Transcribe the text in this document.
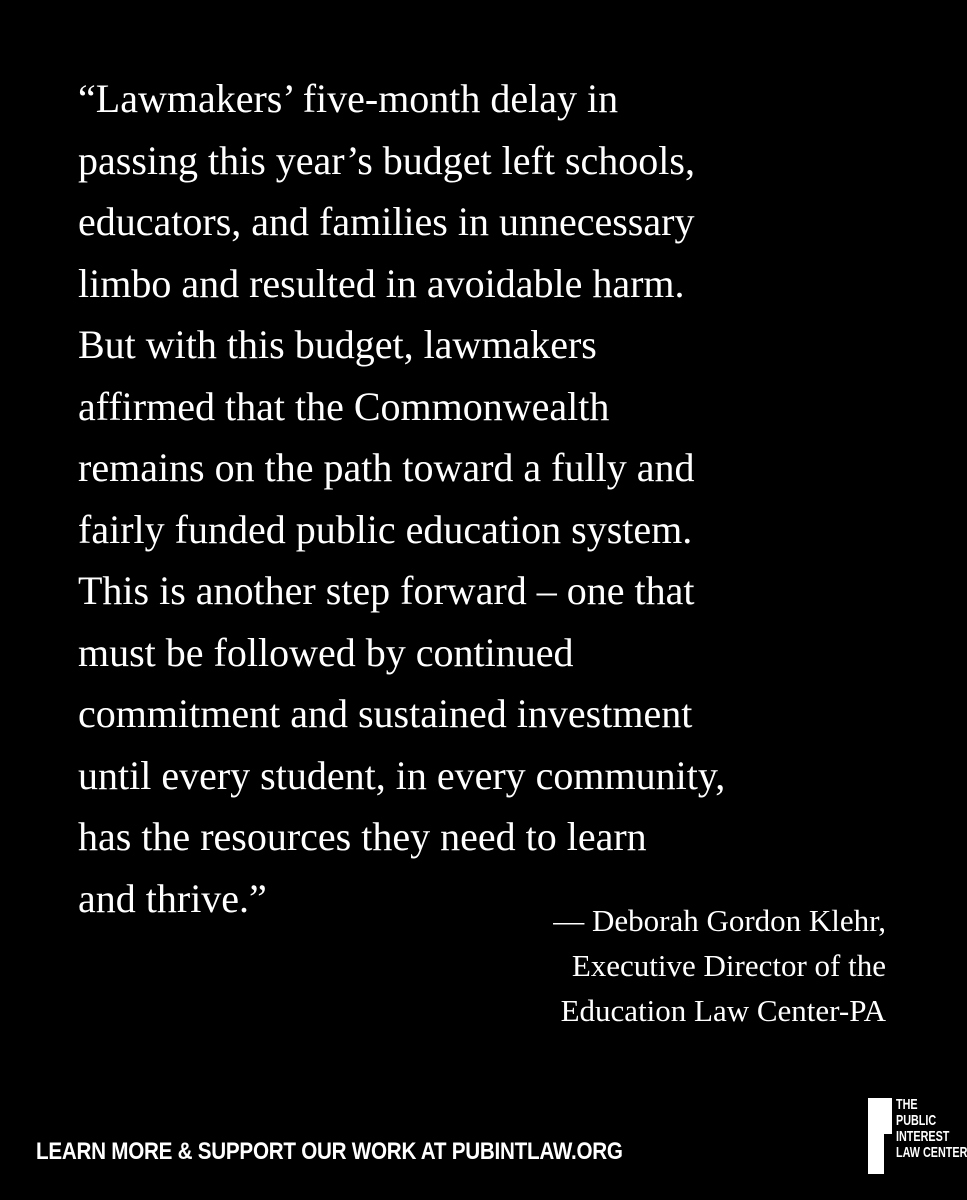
“Lawmakers’ five-month delay in
passing this year’s budget left schools,
educators, and families in unnecessary
limbo and resulted in avoidable harm.
But with this budget, lawmakers
affirmed that the Commonwealth
remains on the path toward a fully and
fairly funded public education system.
This is another step forward – one that
must be followed by continued
commitment and sustained investment
until every student, in every community,
has the resources they need to learn
and thrive.”	— Deborah Gordon Klehr,
Executive Director of the
Education Law Center-PA
LEARN MORE & SUPPORT OUR WORK AT PUBINTLAW.ORG
THE
PUBLIC
INTEREST
LAW CENTER
